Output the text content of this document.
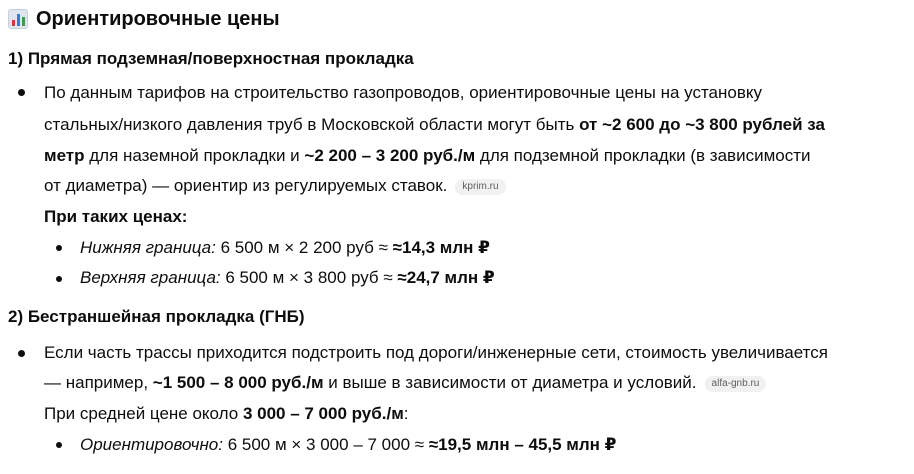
Ориентировочные цены
1) Прямая подземная/поверхностная прокладка
По данным тарифов на строительство газопроводов, ориентировочные цены на установку
стальных/низкого давления труб в Московской области могут быть от ~2 600 до ~3 800 рублей за
метр для наземной прокладки и ~2 200 – 3 200 руб./м для подземной прокладки (в зависимости
от диаметра) — ориентир из регулируемых ставок. kprim.ru
При таких ценах:
Нижняя граница: 6 500 м × 2 200 руб ≈ ≈14,3 млн ₽
Верхняя граница: 6 500 м × 3 800 руб ≈ ≈24,7 млн ₽
2) Бестраншейная прокладка (ГНБ)
Если часть трассы приходится подстроить под дороги/инженерные сети, стоимость увеличивается
— например, ~1 500 – 8 000 руб./м и выше в зависимости от диаметра и условий. alfa-gnb.ru
При средней цене около 3 000 – 7 000 руб./м:
Ориентировочно: 6 500 м × 3 000 – 7 000 ≈ ≈19,5 млн – 45,5 млн ₽
